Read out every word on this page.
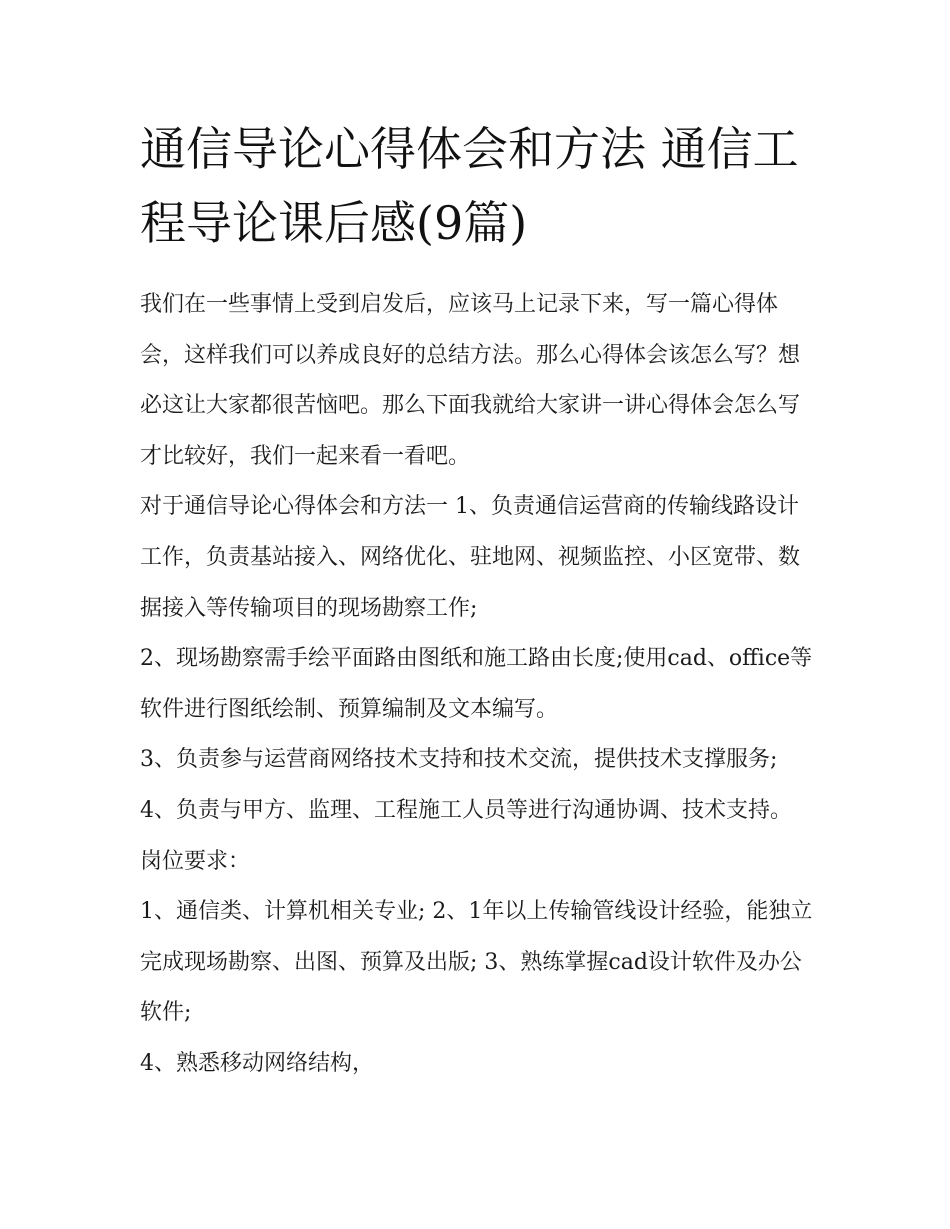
通信导论心得体会和方法 通信工程导论课后感(9篇)

我们在一些事情上受到启发后，应该马上记录下来，写一篇心得体会，这样我们可以养成良好的总结方法。那么心得体会该怎么写？想必这让大家都很苦恼吧。那么下面我就给大家讲一讲心得体会怎么写才比较好，我们一起来看一看吧。

对于通信导论心得体会和方法一 1、负责通信运营商的传输线路设计工作，负责基站接入、网络优化、驻地网、视频监控、小区宽带、数据接入等传输项目的现场勘察工作;

2、现场勘察需手绘平面路由图纸和施工路由长度;使用cad、office等软件进行图纸绘制、预算编制及文本编写。

3、负责参与运营商网络技术支持和技术交流，提供技术支撑服务; 4、负责与甲方、监理、工程施工人员等进行沟通协调、技术支持。 岗位要求：

1、通信类、计算机相关专业; 2、1年以上传输管线设计经验，能独立完成现场勘察、出图、预算及出版; 3、熟练掌握cad设计软件及办公软件;

4、熟悉移动网络结构，
